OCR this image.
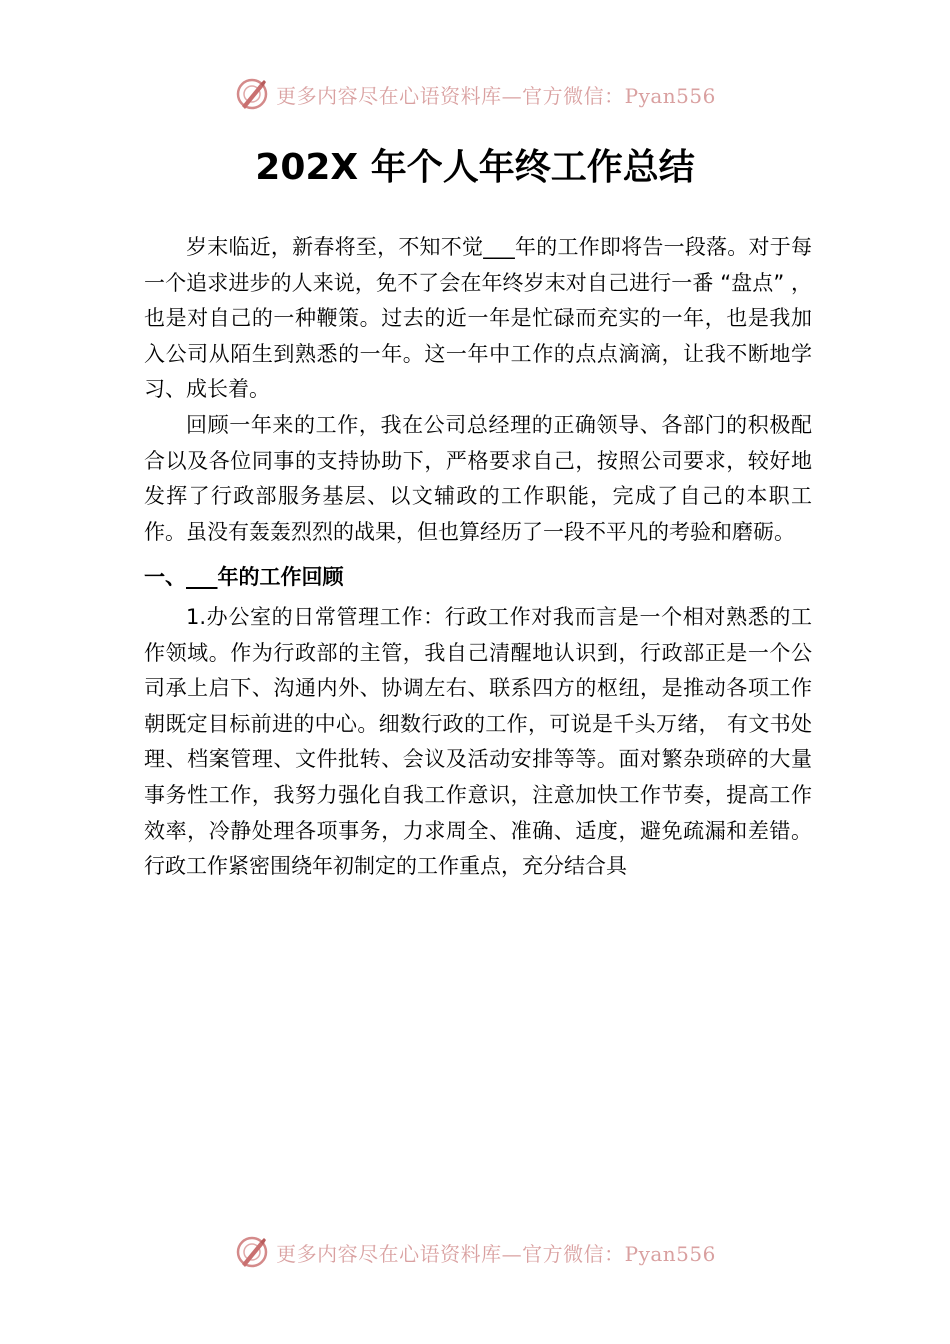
更多内容尽在心语资料库—官方微信：Pyan556
202X 年个人年终工作总结

岁末临近，新春将至，不知不觉___年的工作即将告一段落。对于每一个追求进步的人来说，免不了会在年终岁末对自己进行一番 “盘点” ，也是对自己的一种鞭策。过去的近一年是忙碌而充实的一年，也是我加入公司从陌生到熟悉的一年。这一年中工作的点点滴滴，让我不断地学习、成长着。

回顾一年来的工作，我在公司总经理的正确领导、各部门的积极配合以及各位同事的支持协助下，严格要求自己，按照公司要求，较好地发挥了行政部服务基层、以文辅政的工作职能，完成了自己的本职工作。虽没有轰轰烈烈的战果，但也算经历了一段不平凡的考验和磨砺。

一、___年的工作回顾

1.办公室的日常管理工作：行政工作对我而言是一个相对熟悉的工作领域。作为行政部的主管，我自己清醒地认识到，行政部正是一个公司承上启下、沟通内外、协调左右、联系四方的枢纽，是推动各项工作朝既定目标前进的中心。细数行政的工作，可说是千头万绪， 有文书处理、档案管理、文件批转、会议及活动安排等等。面对繁杂琐碎的大量事务性工作，我努力强化自我工作意识，注意加快工作节奏，提高工作效率，冷静处理各项事务，力求周全、准确、适度，避免疏漏和差错。行政工作紧密围绕年初制定的工作重点，充分结合具

更多内容尽在心语资料库—官方微信：Pyan556
